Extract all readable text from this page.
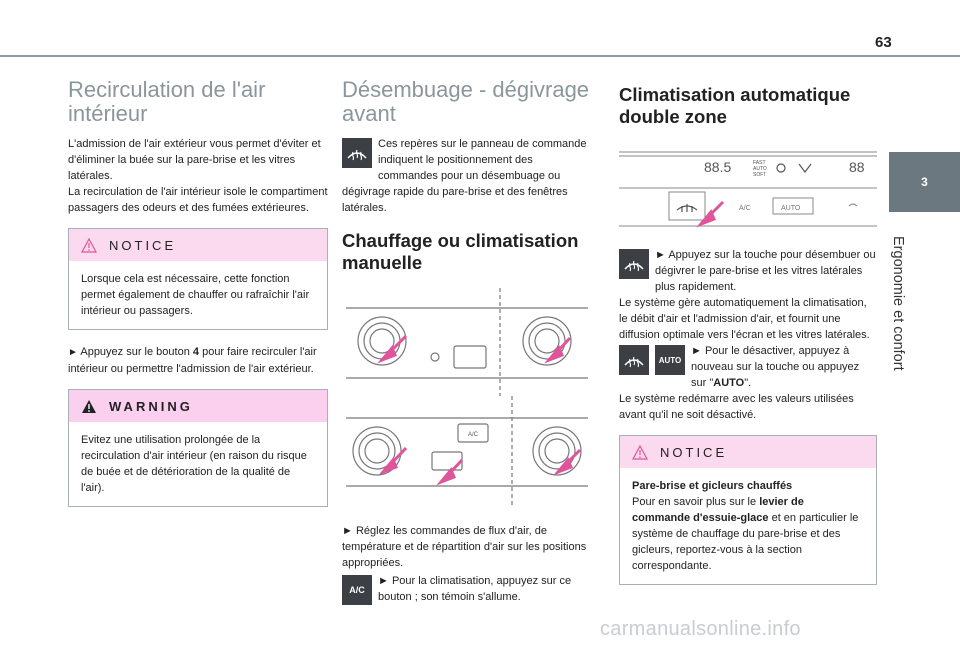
63
3
Ergonomie et confort
Recirculation de l'air intérieur

L'admission de l'air extérieur vous permet d'éviter et d'éliminer la buée sur la pare-brise et les vitres latérales.

La recirculation de l'air intérieur isole le compartiment passagers des odeurs et des fumées extérieures.

NOTICE

Lorsque cela est nécessaire, cette fonction permet également de chauffer ou rafraîchir l'air intérieur ou passagers.

► Appuyez sur le bouton 4 pour faire recirculer l'air intérieur ou permettre l'admission de l'air extérieur.

WARNING

Evitez une utilisation prolongée de la recirculation d'air intérieur (en raison du risque de buée et de détérioration de la qualité de l'air).

Désembuage - dégivrage avant

Ces repères sur le panneau de commande indiquent le positionnement des commandes pour un désembuage ou dégivrage rapide du pare-brise et des fenêtres latérales.

Chauffage ou climatisation manuelle
A/C

► Réglez les commandes de flux d'air, de température et de répartition d'air sur les positions appropriées.

A/C

► Pour la climatisation, appuyez sur ce bouton ; son témoin s'allume.

Climatisation automatique double zone
88.5	FAST
AUTO
SOFT	88
A/C	AUTO

► Appuyez sur la touche pour désembuer ou dégivrer le pare-brise et les vitres latérales plus rapidement.

Le système gère automatiquement la climatisation, le débit d'air et l'admission d'air, et fournit une diffusion optimale vers l'écran et les vitres latérales.

AUTO

► Pour le désactiver, appuyez à nouveau sur la touche ou appuyez sur "AUTO".

Le système redémarre avec les valeurs utilisées avant qu'il ne soit désactivé.

NOTICE

Pare-brise et gicleurs chauffés

Pour en savoir plus sur le levier de commande d'essuie-glace et en particulier le système de chauffage du pare-brise et des gicleurs, reportez-vous à la section correspondante.

carmanualsonline.info
